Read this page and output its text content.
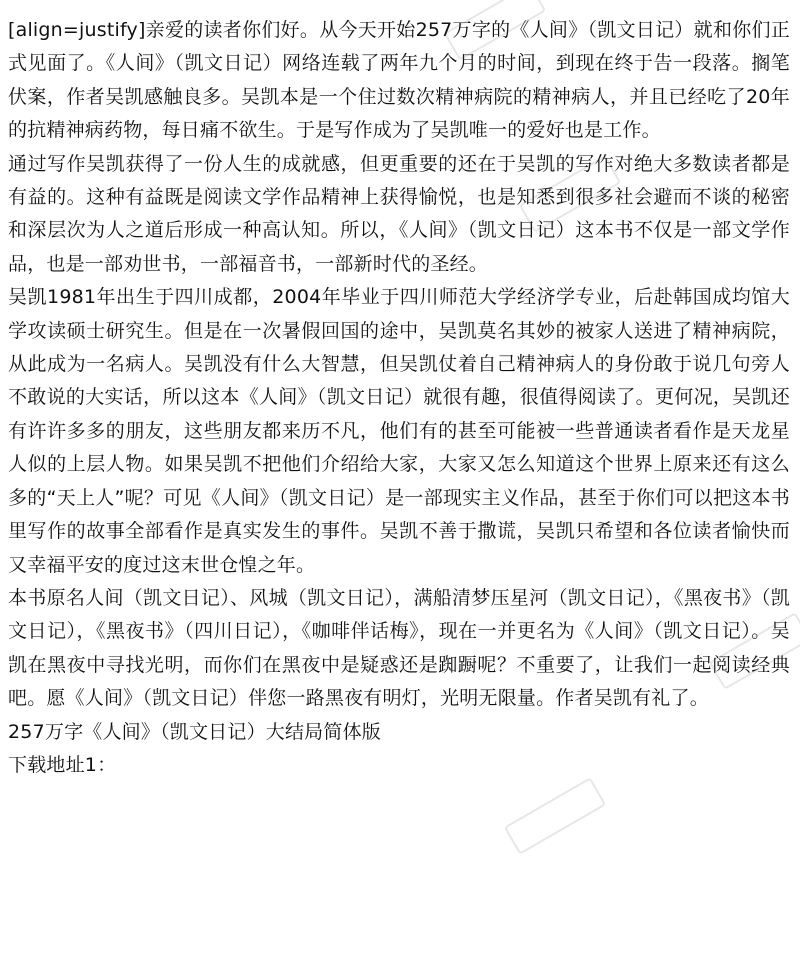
[align=justify]亲爱的读者你们好。从今天开始257万字的《人间》（凯文日记）就和你们正式见面了。《人间》（凯文日记）网络连载了两年九个月的时间，到现在终于告一段落。搁笔伏案，作者吴凯感触良多。吴凯本是一个住过数次精神病院的精神病人，并且已经吃了20年的抗精神病药物，每日痛不欲生。于是写作成为了吴凯唯一的爱好也是工作。

通过写作吴凯获得了一份人生的成就感，但更重要的还在于吴凯的写作对绝大多数读者都是有益的。这种有益既是阅读文学作品精神上获得愉悦，也是知悉到很多社会避而不谈的秘密和深层次为人之道后形成一种高认知。所以，《人间》（凯文日记）这本书不仅是一部文学作品，也是一部劝世书，一部福音书，一部新时代的圣经。

吴凯1981年出生于四川成都，2004年毕业于四川师范大学经济学专业，后赴韩国成均馆大学攻读硕士研究生。但是在一次暑假回国的途中，吴凯莫名其妙的被家人送进了精神病院，从此成为一名病人。吴凯没有什么大智慧，但吴凯仗着自己精神病人的身份敢于说几句旁人不敢说的大实话，所以这本《人间》（凯文日记）就很有趣，很值得阅读了。更何况，吴凯还有许许多多的朋友，这些朋友都来历不凡，他们有的甚至可能被一些普通读者看作是天龙星人似的上层人物。如果吴凯不把他们介绍给大家，大家又怎么知道这个世界上原来还有这么多的“天上人”呢？可见《人间》（凯文日记）是一部现实主义作品，甚至于你们可以把这本书里写作的故事全部看作是真实发生的事件。吴凯不善于撒谎，吴凯只希望和各位读者愉快而又幸福平安的度过这末世仓惶之年。

本书原名人间（凯文日记）、风城（凯文日记），满船清梦压星河（凯文日记），《黑夜书》（凯文日记），《黑夜书》（四川日记），《咖啡伴话梅》，现在一并更名为《人间》（凯文日记）。吴凯在黑夜中寻找光明，而你们在黑夜中是疑惑还是踟蹰呢？不重要了，让我们一起阅读经典吧。愿《人间》（凯文日记）伴您一路黑夜有明灯，光明无限量。作者吴凯有礼了。

257万字《人间》（凯文日记）大结局简体版

下载地址1：
